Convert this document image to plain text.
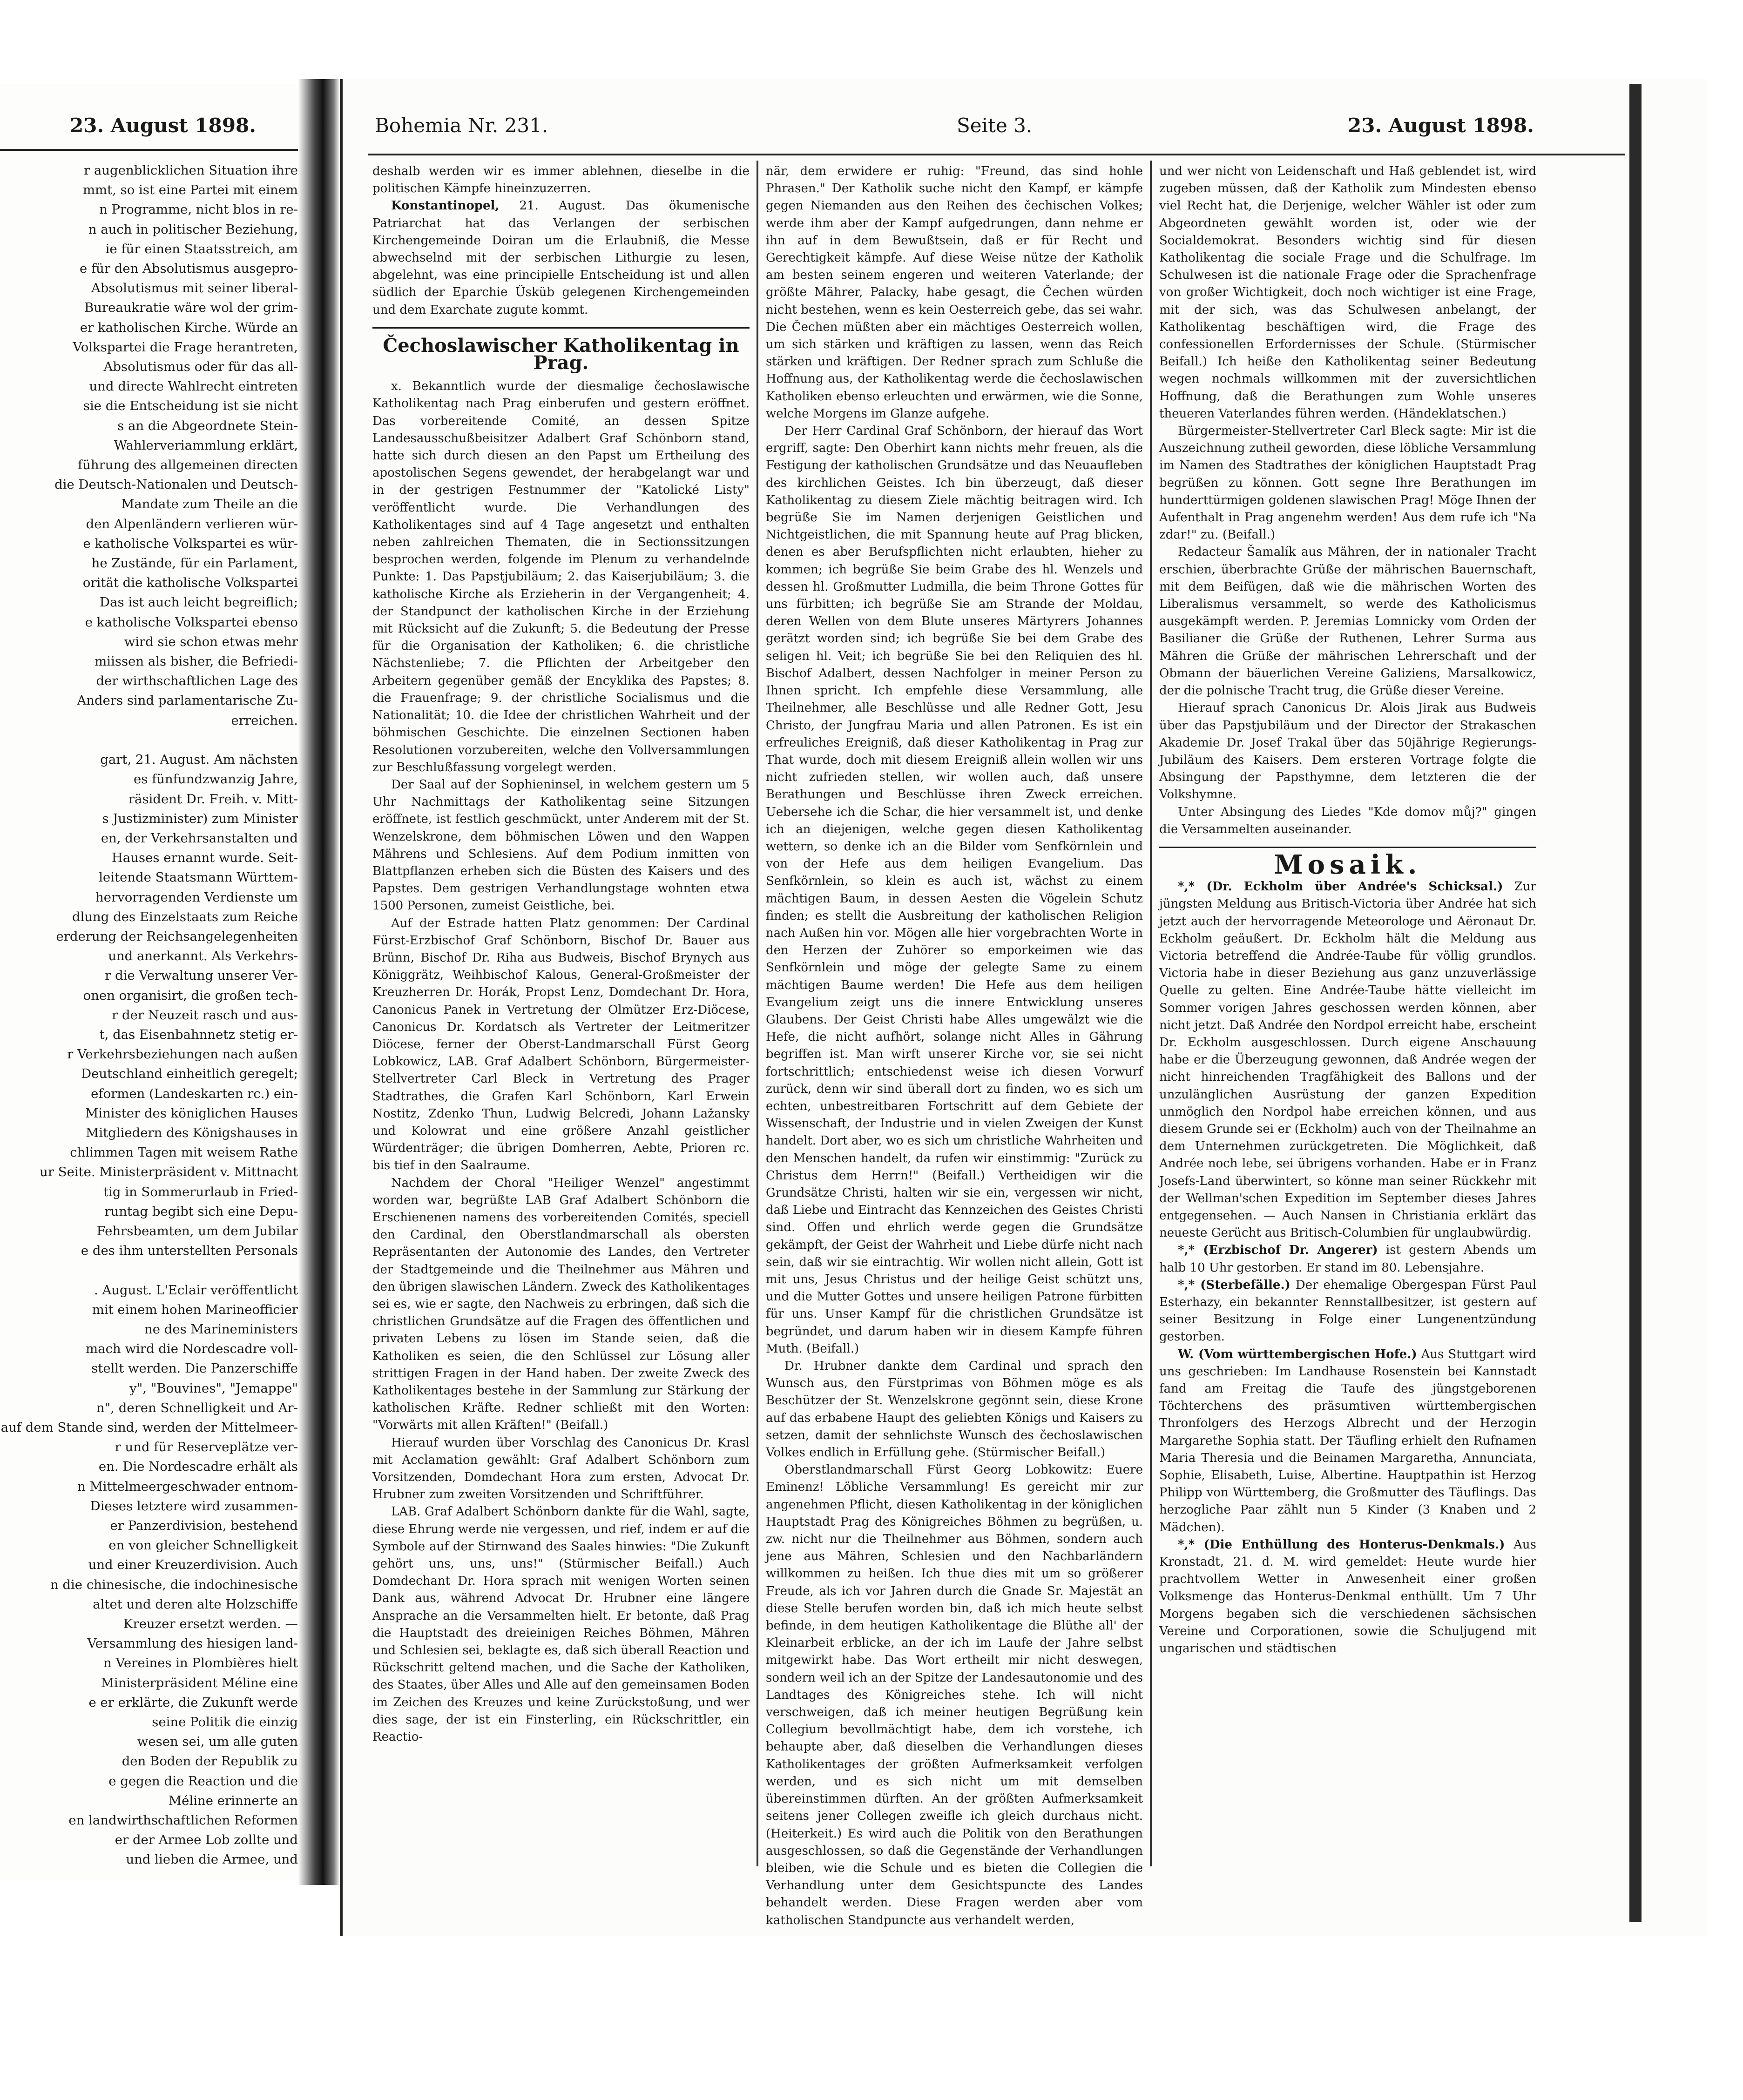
23. August 1898.
r augenblicklichen Situation ihre
mmt, so ist eine Partei mit einem
n Programme, nicht blos in re-
n auch in politischer Beziehung,
ie für einen Staatsstreich, am
e für den Absolutismus ausgepro-
Absolutismus mit seiner liberal-
Bureaukratie wäre wol der grim-
er katholischen Kirche. Würde an
Volkspartei die Frage herantreten,
Absolutismus oder für das all-
und directe Wahlrecht eintreten
sie die Entscheidung ist sie nicht
s an die Abgeordnete Stein-
Wahlerveriammlung erklärt,
führung des allgemeinen directen
die Deutsch-Nationalen und Deutsch-
Mandate zum Theile an die
den Alpenländern verlieren wür-
e katholische Volkspartei es wür-
he Zustände, für ein Parlament,
orität die katholische Volkspartei
Das ist auch leicht begreiflich;
e katholische Volkspartei ebenso
wird sie schon etwas mehr
miissen als bisher, die Befriedi-
der wirthschaftlichen Lage des
Anders sind parlamentarische Zu-
erreichen.

gart, 21. August. Am nächsten
es fünfundzwanzig Jahre,
räsident Dr. Freih. v. Mitt-
s Justizminister) zum Minister
en, der Verkehrsanstalten und
Hauses ernannt wurde. Seit-
leitende Staatsmann Württem-
hervorragenden Verdienste um
dlung des Einzelstaats zum Reiche
erderung der Reichsangelegenheiten
und anerkannt. Als Verkehrs-
r die Verwaltung unserer Ver-
onen organisirt, die großen tech-
r der Neuzeit rasch und aus-
t, das Eisenbahnnetz stetig er-
r Verkehrsbeziehungen nach außen
Deutschland einheitlich geregelt;
eformen (Landeskarten rc.) ein-
Minister des königlichen Hauses
Mitgliedern des Königshauses in
chlimmen Tagen mit weisem Rathe
ur Seite. Ministerpräsident v. Mittnacht
tig in Sommerurlaub in Fried-
runtag begibt sich eine Depu-
Fehrsbeamten, um dem Jubilar
e des ihm unterstellten Personals

. August. L'Eclair veröffentlicht
mit einem hohen Marineofficier
ne des Marineministers
mach wird die Nordescadre voll-
stellt werden. Die Panzerschiffe
y", "Bouvines", "Jemappe"
n", deren Schnelligkeit und Ar-
auf dem Stande sind, werden der Mittelmeer-
r und für Reserveplätze ver-
en. Die Nordescadre erhält als
n Mittelmeergeschwader entnom-
Dieses letztere wird zusammen-
er Panzerdivision, bestehend
en von gleicher Schnelligkeit
und einer Kreuzerdivision. Auch
n die chinesische, die indochinesische
altet und deren alte Holzschiffe
Kreuzer ersetzt werden. —
Versammlung des hiesigen land-
n Vereines in Plombières hielt
Ministerpräsident Méline eine
e er erklärte, die Zukunft werde
seine Politik die einzig
wesen sei, um alle guten
den Boden der Republik zu
e gegen die Reaction und die
Méline erinnerte an
en landwirthschaftlichen Reformen
er der Armee Lob zollte und
und lieben die Armee, und
Bohemia Nr. 231.	Seite 3.	23. August 1898.

deshalb werden wir es immer ablehnen, dieselbe in die politischen Kämpfe hineinzuzerren.

Konstantinopel, 21. August. Das ökumenische Patriarchat hat das Verlangen der serbischen Kirchengemeinde Doiran um die Erlaubniß, die Messe abwechselnd mit der serbischen Lithurgie zu lesen, abgelehnt, was eine principielle Entscheidung ist und allen südlich der Eparchie Üsküb gelegenen Kirchengemeinden und dem Exarchate zugute kommt.

Čechoslawischer Katholikentag in Prag.

x. Bekanntlich wurde der diesmalige čechoslawische Katholikentag nach Prag einberufen und gestern eröffnet. Das vorbereitende Comité, an dessen Spitze Landesausschußbeisitzer Adalbert Graf Schönborn stand, hatte sich durch diesen an den Papst um Ertheilung des apostolischen Segens gewendet, der herabgelangt war und in der gestrigen Festnummer der "Katolické Listy" veröffentlicht wurde. Die Verhandlungen des Katholikentages sind auf 4 Tage angesetzt und enthalten neben zahlreichen Thematen, die in Sectionssitzungen besprochen werden, folgende im Plenum zu verhandelnde Punkte: 1. Das Papstjubiläum; 2. das Kaiserjubiläum; 3. die katholische Kirche als Erzieherin in der Vergangenheit; 4. der Standpunct der katholischen Kirche in der Erziehung mit Rücksicht auf die Zukunft; 5. die Bedeutung der Presse für die Organisation der Katholiken; 6. die christliche Nächstenliebe; 7. die Pflichten der Arbeitgeber den Arbeitern gegenüber gemäß der Encyklika des Papstes; 8. die Frauenfrage; 9. der christliche Socialismus und die Nationalität; 10. die Idee der christlichen Wahrheit und der böhmischen Geschichte. Die einzelnen Sectionen haben Resolutionen vorzubereiten, welche den Vollversammlungen zur Beschlußfassung vorgelegt werden.

Der Saal auf der Sophieninsel, in welchem gestern um 5 Uhr Nachmittags der Katholikentag seine Sitzungen eröffnete, ist festlich geschmückt, unter Anderem mit der St. Wenzelskrone, dem böhmischen Löwen und den Wappen Mährens und Schlesiens. Auf dem Podium inmitten von Blattpflanzen erheben sich die Büsten des Kaisers und des Papstes. Dem gestrigen Verhandlungstage wohnten etwa 1500 Personen, zumeist Geistliche, bei.

Auf der Estrade hatten Platz genommen: Der Cardinal Fürst-Erzbischof Graf Schönborn, Bischof Dr. Bauer aus Brünn, Bischof Dr. Riha aus Budweis, Bischof Brynych aus Königgrätz, Weihbischof Kalous, General-Großmeister der Kreuzherren Dr. Horák, Propst Lenz, Domdechant Dr. Hora, Canonicus Panek in Vertretung der Olmützer Erz-Diöcese, Canonicus Dr. Kordatsch als Vertreter der Leitmeritzer Diöcese, ferner der Oberst-Landmarschall Fürst Georg Lobkowicz, LAB. Graf Adalbert Schönborn, Bürgermeister-Stellvertreter Carl Bleck in Vertretung des Prager Stadtrathes, die Grafen Karl Schönborn, Karl Erwein Nostitz, Zdenko Thun, Ludwig Belcredi, Johann Lažansky und Kolowrat und eine größere Anzahl geistlicher Würdenträger; die übrigen Domherren, Aebte, Prioren rc. bis tief in den Saalraume.

Nachdem der Choral "Heiliger Wenzel" angestimmt worden war, begrüßte LAB Graf Adalbert Schönborn die Erschienenen namens des vorbereitenden Comités, speciell den Cardinal, den Oberstlandmarschall als obersten Repräsentanten der Autonomie des Landes, den Vertreter der Stadtgemeinde und die Theilnehmer aus Mähren und den übrigen slawischen Ländern. Zweck des Katholikentages sei es, wie er sagte, den Nachweis zu erbringen, daß sich die christlichen Grundsätze auf die Fragen des öffentlichen und privaten Lebens zu lösen im Stande seien, daß die Katholiken es seien, die den Schlüssel zur Lösung aller strittigen Fragen in der Hand haben. Der zweite Zweck des Katholikentages bestehe in der Sammlung zur Stärkung der katholischen Kräfte. Redner schließt mit den Worten: "Vorwärts mit allen Kräften!" (Beifall.)

Hierauf wurden über Vorschlag des Canonicus Dr. Krasl mit Acclamation gewählt: Graf Adalbert Schönborn zum Vorsitzenden, Domdechant Hora zum ersten, Advocat Dr. Hrubner zum zweiten Vorsitzenden und Schriftführer.

LAB. Graf Adalbert Schönborn dankte für die Wahl, sagte, diese Ehrung werde nie vergessen, und rief, indem er auf die Symbole auf der Stirnwand des Saales hinwies: "Die Zukunft gehört uns, uns, uns!" (Stürmischer Beifall.) Auch Domdechant Dr. Hora sprach mit wenigen Worten seinen Dank aus, während Advocat Dr. Hrubner eine längere Ansprache an die Versammelten hielt. Er betonte, daß Prag die Hauptstadt des dreieinigen Reiches Böhmen, Mähren und Schlesien sei, beklagte es, daß sich überall Reaction und Rückschritt geltend machen, und die Sache der Katholiken, des Staates, über Alles und Alle auf den gemeinsamen Boden im Zeichen des Kreuzes und keine Zurückstoßung, und wer dies sage, der ist ein Finsterling, ein Rückschrittler, ein Reactio-

när, dem erwidere er ruhig: "Freund, das sind hohle Phrasen." Der Katholik suche nicht den Kampf, er kämpfe gegen Niemanden aus den Reihen des čechischen Volkes; werde ihm aber der Kampf aufgedrungen, dann nehme er ihn auf in dem Bewußtsein, daß er für Recht und Gerechtigkeit kämpfe. Auf diese Weise nütze der Katholik am besten seinem engeren und weiteren Vaterlande; der größte Mährer, Palacky, habe gesagt, die Čechen würden nicht bestehen, wenn es kein Oesterreich gebe, das sei wahr. Die Čechen müßten aber ein mächtiges Oesterreich wollen, um sich stärken und kräftigen zu lassen, wenn das Reich stärken und kräftigen. Der Redner sprach zum Schluße die Hoffnung aus, der Katholikentag werde die čechoslawischen Katholiken ebenso erleuchten und erwärmen, wie die Sonne, welche Morgens im Glanze aufgehe.

Der Herr Cardinal Graf Schönborn, der hierauf das Wort ergriff, sagte: Den Oberhirt kann nichts mehr freuen, als die Festigung der katholischen Grundsätze und das Neuaufleben des kirchlichen Geistes. Ich bin überzeugt, daß dieser Katholikentag zu diesem Ziele mächtig beitragen wird. Ich begrüße Sie im Namen derjenigen Geistlichen und Nichtgeistlichen, die mit Spannung heute auf Prag blicken, denen es aber Berufspflichten nicht erlaubten, hieher zu kommen; ich begrüße Sie beim Grabe des hl. Wenzels und dessen hl. Großmutter Ludmilla, die beim Throne Gottes für uns fürbitten; ich begrüße Sie am Strande der Moldau, deren Wellen von dem Blute unseres Märtyrers Johannes gerätzt worden sind; ich begrüße Sie bei dem Grabe des seligen hl. Veit; ich begrüße Sie bei den Reliquien des hl. Bischof Adalbert, dessen Nachfolger in meiner Person zu Ihnen spricht. Ich empfehle diese Versammlung, alle Theilnehmer, alle Beschlüsse und alle Redner Gott, Jesu Christo, der Jungfrau Maria und allen Patronen. Es ist ein erfreuliches Ereigniß, daß dieser Katholikentag in Prag zur That wurde, doch mit diesem Ereigniß allein wollen wir uns nicht zufrieden stellen, wir wollen auch, daß unsere Berathungen und Beschlüsse ihren Zweck erreichen. Uebersehe ich die Schar, die hier versammelt ist, und denke ich an diejenigen, welche gegen diesen Katholikentag wettern, so denke ich an die Bilder vom Senfkörnlein und von der Hefe aus dem heiligen Evangelium. Das Senfkörnlein, so klein es auch ist, wächst zu einem mächtigen Baum, in dessen Aesten die Vögelein Schutz finden; es stellt die Ausbreitung der katholischen Religion nach Außen hin vor. Mögen alle hier vorgebrachten Worte in den Herzen der Zuhörer so emporkeimen wie das Senfkörnlein und möge der gelegte Same zu einem mächtigen Baume werden! Die Hefe aus dem heiligen Evangelium zeigt uns die innere Entwicklung unseres Glaubens. Der Geist Christi habe Alles umgewälzt wie die Hefe, die nicht aufhört, solange nicht Alles in Gährung begriffen ist. Man wirft unserer Kirche vor, sie sei nicht fortschrittlich; entschiedenst weise ich diesen Vorwurf zurück, denn wir sind überall dort zu finden, wo es sich um echten, unbestreitbaren Fortschritt auf dem Gebiete der Wissenschaft, der Industrie und in vielen Zweigen der Kunst handelt. Dort aber, wo es sich um christliche Wahrheiten und den Menschen handelt, da rufen wir einstimmig: "Zurück zu Christus dem Herrn!" (Beifall.) Vertheidigen wir die Grundsätze Christi, halten wir sie ein, vergessen wir nicht, daß Liebe und Eintracht das Kennzeichen des Geistes Christi sind. Offen und ehrlich werde gegen die Grundsätze gekämpft, der Geist der Wahrheit und Liebe dürfe nicht nach sein, daß wir sie eintrachtig. Wir wollen nicht allein, Gott ist mit uns, Jesus Christus und der heilige Geist schützt uns, und die Mutter Gottes und unsere heiligen Patrone fürbitten für uns. Unser Kampf für die christlichen Grundsätze ist begründet, und darum haben wir in diesem Kampfe führen Muth. (Beifall.)

Dr. Hrubner dankte dem Cardinal und sprach den Wunsch aus, den Fürstprimas von Böhmen möge es als Beschützer der St. Wenzelskrone gegönnt sein, diese Krone auf das erbabene Haupt des geliebten Königs und Kaisers zu setzen, damit der sehnlichste Wunsch des čechoslawischen Volkes endlich in Erfüllung gehe. (Stürmischer Beifall.)

Oberstlandmarschall Fürst Georg Lobkowitz: Euere Eminenz! Löbliche Versammlung! Es gereicht mir zur angenehmen Pflicht, diesen Katholikentag in der königlichen Hauptstadt Prag des Königreiches Böhmen zu begrüßen, u. zw. nicht nur die Theilnehmer aus Böhmen, sondern auch jene aus Mähren, Schlesien und den Nachbarländern willkommen zu heißen. Ich thue dies mit um so größerer Freude, als ich vor Jahren durch die Gnade Sr. Majestät an diese Stelle berufen worden bin, daß ich mich heute selbst befinde, in dem heutigen Katholikentage die Blüthe all' der Kleinarbeit erblicke, an der ich im Laufe der Jahre selbst mitgewirkt habe. Das Wort ertheilt mir nicht deswegen, sondern weil ich an der Spitze der Landesautonomie und des Landtages des Königreiches stehe. Ich will nicht verschweigen, daß ich meiner heutigen Begrüßung kein Collegium bevollmächtigt habe, dem ich vorstehe, ich behaupte aber, daß dieselben die Verhandlungen dieses Katholikentages der größten Aufmerksamkeit verfolgen werden, und es sich nicht um mit demselben übereinstimmen dürften. An der größten Aufmerksamkeit seitens jener Collegen zweifle ich gleich durchaus nicht. (Heiterkeit.) Es wird auch die Politik von den Berathungen ausgeschlossen, so daß die Gegenstände der Verhandlungen bleiben, wie die Schule und es bieten die Collegien die Verhandlung unter dem Gesichtspuncte des Landes behandelt werden. Diese Fragen werden aber vom katholischen Standpuncte aus verhandelt werden,

und wer nicht von Leidenschaft und Haß geblendet ist, wird zugeben müssen, daß der Katholik zum Mindesten ebenso viel Recht hat, die Derjenige, welcher Wähler ist oder zum Abgeordneten gewählt worden ist, oder wie der Socialdemokrat. Besonders wichtig sind für diesen Katholikentag die sociale Frage und die Schulfrage. Im Schulwesen ist die nationale Frage oder die Sprachenfrage von großer Wichtigkeit, doch noch wichtiger ist eine Frage, mit der sich, was das Schulwesen anbelangt, der Katholikentag beschäftigen wird, die Frage des confessionellen Erfordernisses der Schule. (Stürmischer Beifall.) Ich heiße den Katholikentag seiner Bedeutung wegen nochmals willkommen mit der zuversichtlichen Hoffnung, daß die Berathungen zum Wohle unseres theueren Vaterlandes führen werden. (Händeklatschen.)

Bürgermeister-Stellvertreter Carl Bleck sagte: Mir ist die Auszeichnung zutheil geworden, diese löbliche Versammlung im Namen des Stadtrathes der königlichen Hauptstadt Prag begrüßen zu können. Gott segne Ihre Berathungen im hunderttürmigen goldenen slawischen Prag! Möge Ihnen der Aufenthalt in Prag angenehm werden! Aus dem rufe ich "Na zdar!" zu. (Beifall.)

Redacteur Šamalík aus Mähren, der in nationaler Tracht erschien, überbrachte Grüße der mährischen Bauernschaft, mit dem Beifügen, daß wie die mährischen Worten des Liberalismus versammelt, so werde des Katholicismus ausgekämpft werden. P. Jeremias Lomnicky vom Orden der Basilianer die Grüße der Ruthenen, Lehrer Surma aus Mähren die Grüße der mährischen Lehrerschaft und der Obmann der bäuerlichen Vereine Galiziens, Marsalkowicz, der die polnische Tracht trug, die Grüße dieser Vereine.

Hierauf sprach Canonicus Dr. Alois Jirak aus Budweis über das Papstjubiläum und der Director der Strakaschen Akademie Dr. Josef Trakal über das 50jährige Regierungs-Jubiläum des Kaisers. Dem ersteren Vortrage folgte die Absingung der Papsthymne, dem letzteren die der Volkshymne.

Unter Absingung des Liedes "Kde domov můj?" gingen die Versammelten auseinander.

Mosaik.

*,* (Dr. Eckholm über Andrée's Schicksal.) Zur jüngsten Meldung aus Britisch-Victoria über Andrée hat sich jetzt auch der hervorragende Meteorologe und Aëronaut Dr. Eckholm geäußert. Dr. Eckholm hält die Meldung aus Victoria betreffend die Andrée-Taube für völlig grundlos. Victoria habe in dieser Beziehung aus ganz unzuverlässige Quelle zu gelten. Eine Andrée-Taube hätte vielleicht im Sommer vorigen Jahres geschossen werden können, aber nicht jetzt. Daß Andrée den Nordpol erreicht habe, erscheint Dr. Eckholm ausgeschlossen. Durch eigene Anschauung habe er die Überzeugung gewonnen, daß Andrée wegen der nicht hinreichenden Tragfähigkeit des Ballons und der unzulänglichen Ausrüstung der ganzen Expedition unmöglich den Nordpol habe erreichen können, und aus diesem Grunde sei er (Eckholm) auch von der Theilnahme an dem Unternehmen zurückgetreten. Die Möglichkeit, daß Andrée noch lebe, sei übrigens vorhanden. Habe er in Franz Josefs-Land überwintert, so könne man seiner Rückkehr mit der Wellman'schen Expedition im September dieses Jahres entgegensehen. — Auch Nansen in Christiania erklärt das neueste Gerücht aus Britisch-Columbien für unglaubwürdig.

*,* (Erzbischof Dr. Angerer) ist gestern Abends um halb 10 Uhr gestorben. Er stand im 80. Lebensjahre.

*,* (Sterbefälle.) Der ehemalige Obergespan Fürst Paul Esterhazy, ein bekannter Rennstallbesitzer, ist gestern auf seiner Besitzung in Folge einer Lungenentzündung gestorben.

W. (Vom württembergischen Hofe.) Aus Stuttgart wird uns geschrieben: Im Landhause Rosenstein bei Kannstadt fand am Freitag die Taufe des jüngstgeborenen Töchterchens des präsumtiven württembergischen Thronfolgers des Herzogs Albrecht und der Herzogin Margarethe Sophia statt. Der Täufling erhielt den Rufnamen Maria Theresia und die Beinamen Margaretha, Annunciata, Sophie, Elisabeth, Luise, Albertine. Hauptpathin ist Herzog Philipp von Württemberg, die Großmutter des Täuflings. Das herzogliche Paar zählt nun 5 Kinder (3 Knaben und 2 Mädchen).

*,* (Die Enthüllung des Honterus-Denkmals.) Aus Kronstadt, 21. d. M. wird gemeldet: Heute wurde hier prachtvollem Wetter in Anwesenheit einer großen Volksmenge das Honterus-Denkmal enthüllt. Um 7 Uhr Morgens begaben sich die verschiedenen sächsischen Vereine und Corporationen, sowie die Schuljugend mit ungarischen und städtischen
